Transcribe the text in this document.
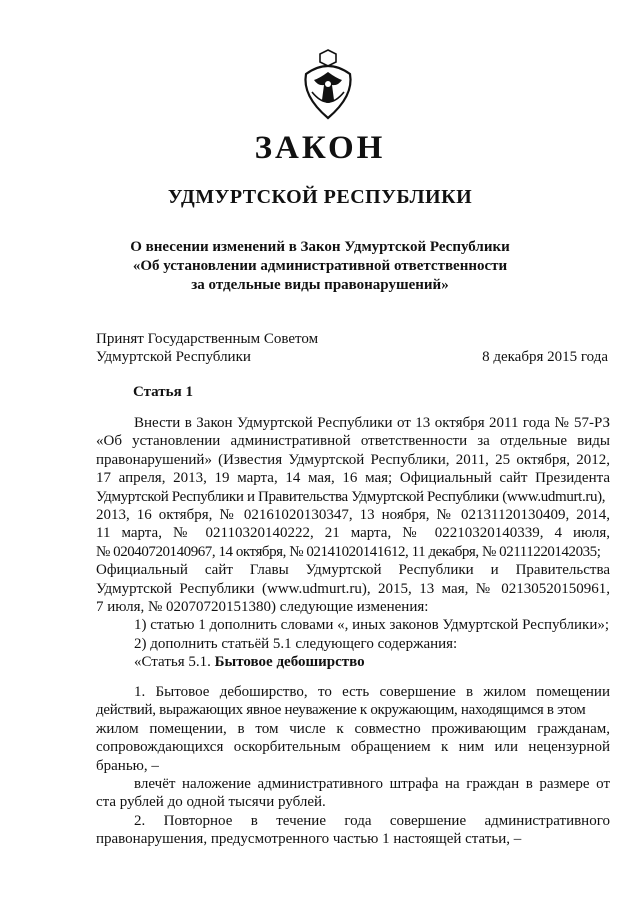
ЗАКОН
УДМУРТСКОЙ РЕСПУБЛИКИ
О внесении изменений в Закон Удмуртской Республики
«Об установлении административной ответственности
за отдельные виды правонарушений»
Принят Государственным Советом
Удмуртской Республики	8 декабря 2015 года
Статья 1
Внести в Закон Удмуртской Республики от 13 октября 2011 года № 57-РЗ
«Об установлении административной ответственности за отдельные виды
правонарушений» (Известия Удмуртской Республики, 2011, 25 октября, 2012,
17 апреля, 2013, 19 марта, 14 мая, 16 мая; Официальный сайт Президента
Удмуртской Республики и Правительства Удмуртской Республики (www.udmurt.ru),
2013, 16 октября, № 02161020130347, 13 ноября, № 02131120130409, 2014,
11 марта, № 02110320140222, 21 марта, № 02210320140339, 4 июля,
№ 02040720140967, 14 октября, № 02141020141612, 11 декабря, № 02111220142035;
Официальный сайт Главы Удмуртской Республики и Правительства
Удмуртской Республики (www.udmurt.ru), 2015, 13 мая, № 02130520150961,
7 июля, № 02070720151380) следующие изменения:
1) статью 1 дополнить словами «, иных законов Удмуртской Республики»;
2) дополнить статьёй 5.1 следующего содержания:
«Статья 5.1. Бытовое дебоширство
1. Бытовое дебоширство, то есть совершение в жилом помещении
действий, выражающих явное неуважение к окружающим, находящимся в этом
жилом помещении, в том числе к совместно проживающим гражданам,
сопровождающихся оскорбительным обращением к ним или нецензурной
бранью, –
влечёт наложение административного штрафа на граждан в размере от
ста рублей до одной тысячи рублей.
2. Повторное в течение года совершение административного
правонарушения, предусмотренного частью 1 настоящей статьи, –
